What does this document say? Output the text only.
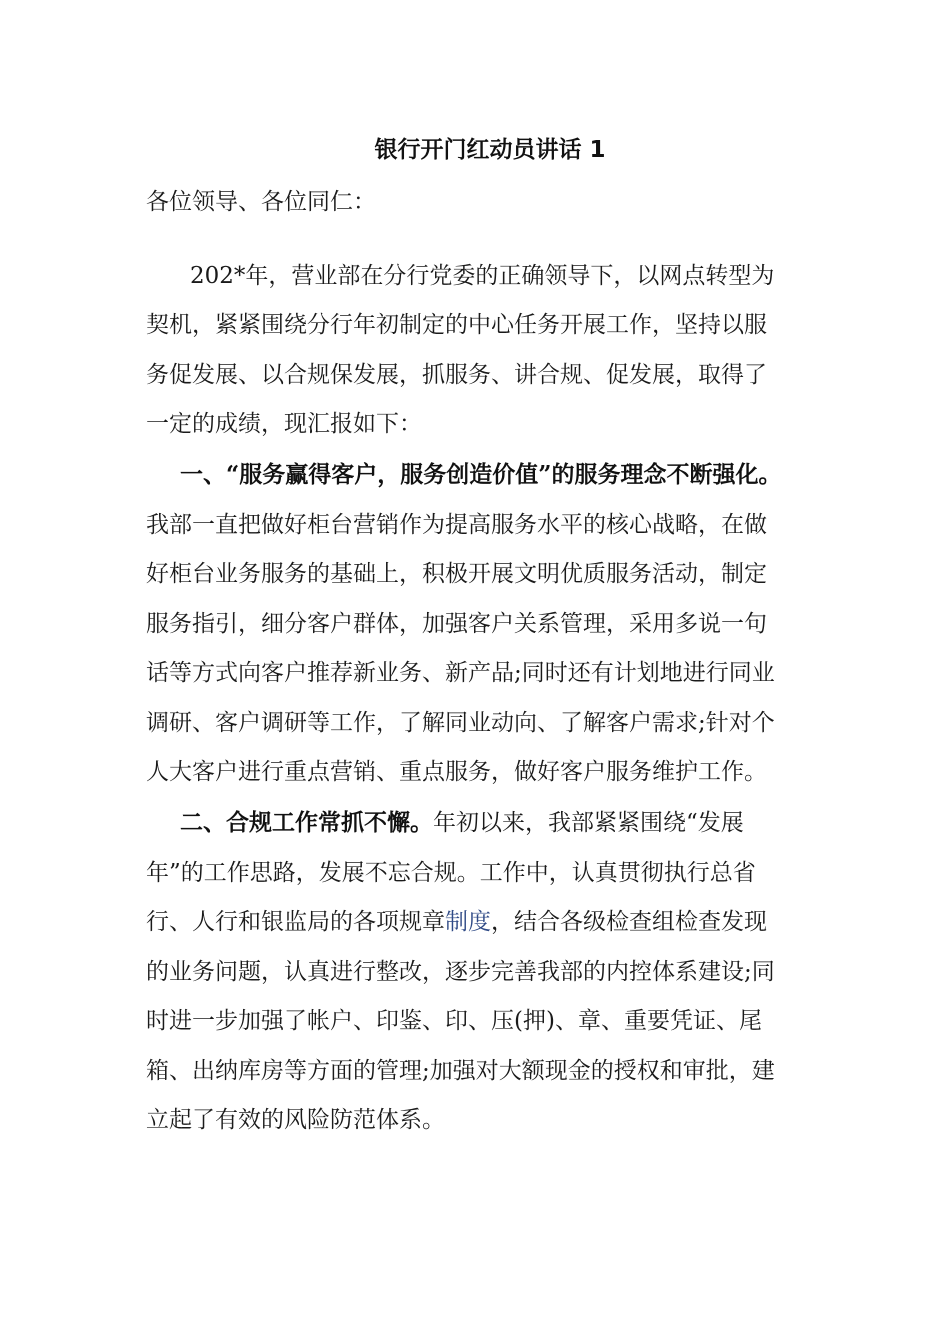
银行开门红动员讲话 1

各位领导、各位同仁：

202*年，营业部在分行党委的正确领导下，以网点转型为

契机，紧紧围绕分行年初制定的中心任务开展工作，坚持以服

务促发展、以合规保发展，抓服务、讲合规、促发展，取得了

一定的成绩，现汇报如下：

一、“服务赢得客户，服务创造价值”的服务理念不断强化。

我部一直把做好柜台营销作为提高服务水平的核心战略，在做

好柜台业务服务的基础上，积极开展文明优质服务活动，制定

服务指引，细分客户群体，加强客户关系管理，采用多说一句

话等方式向客户推荐新业务、新产品;同时还有计划地进行同业

调研、客户调研等工作，了解同业动向、了解客户需求;针对个

人大客户进行重点营销、重点服务，做好客户服务维护工作。

二、合规工作常抓不懈。年初以来，我部紧紧围绕“发展

年”的工作思路，发展不忘合规。工作中，认真贯彻执行总省

行、人行和银监局的各项规章制度，结合各级检查组检查发现

的业务问题，认真进行整改，逐步完善我部的内控体系建设;同

时进一步加强了帐户、印鉴、印、压(押)、章、重要凭证、尾

箱、出纳库房等方面的管理;加强对大额现金的授权和审批，建

立起了有效的风险防范体系。
